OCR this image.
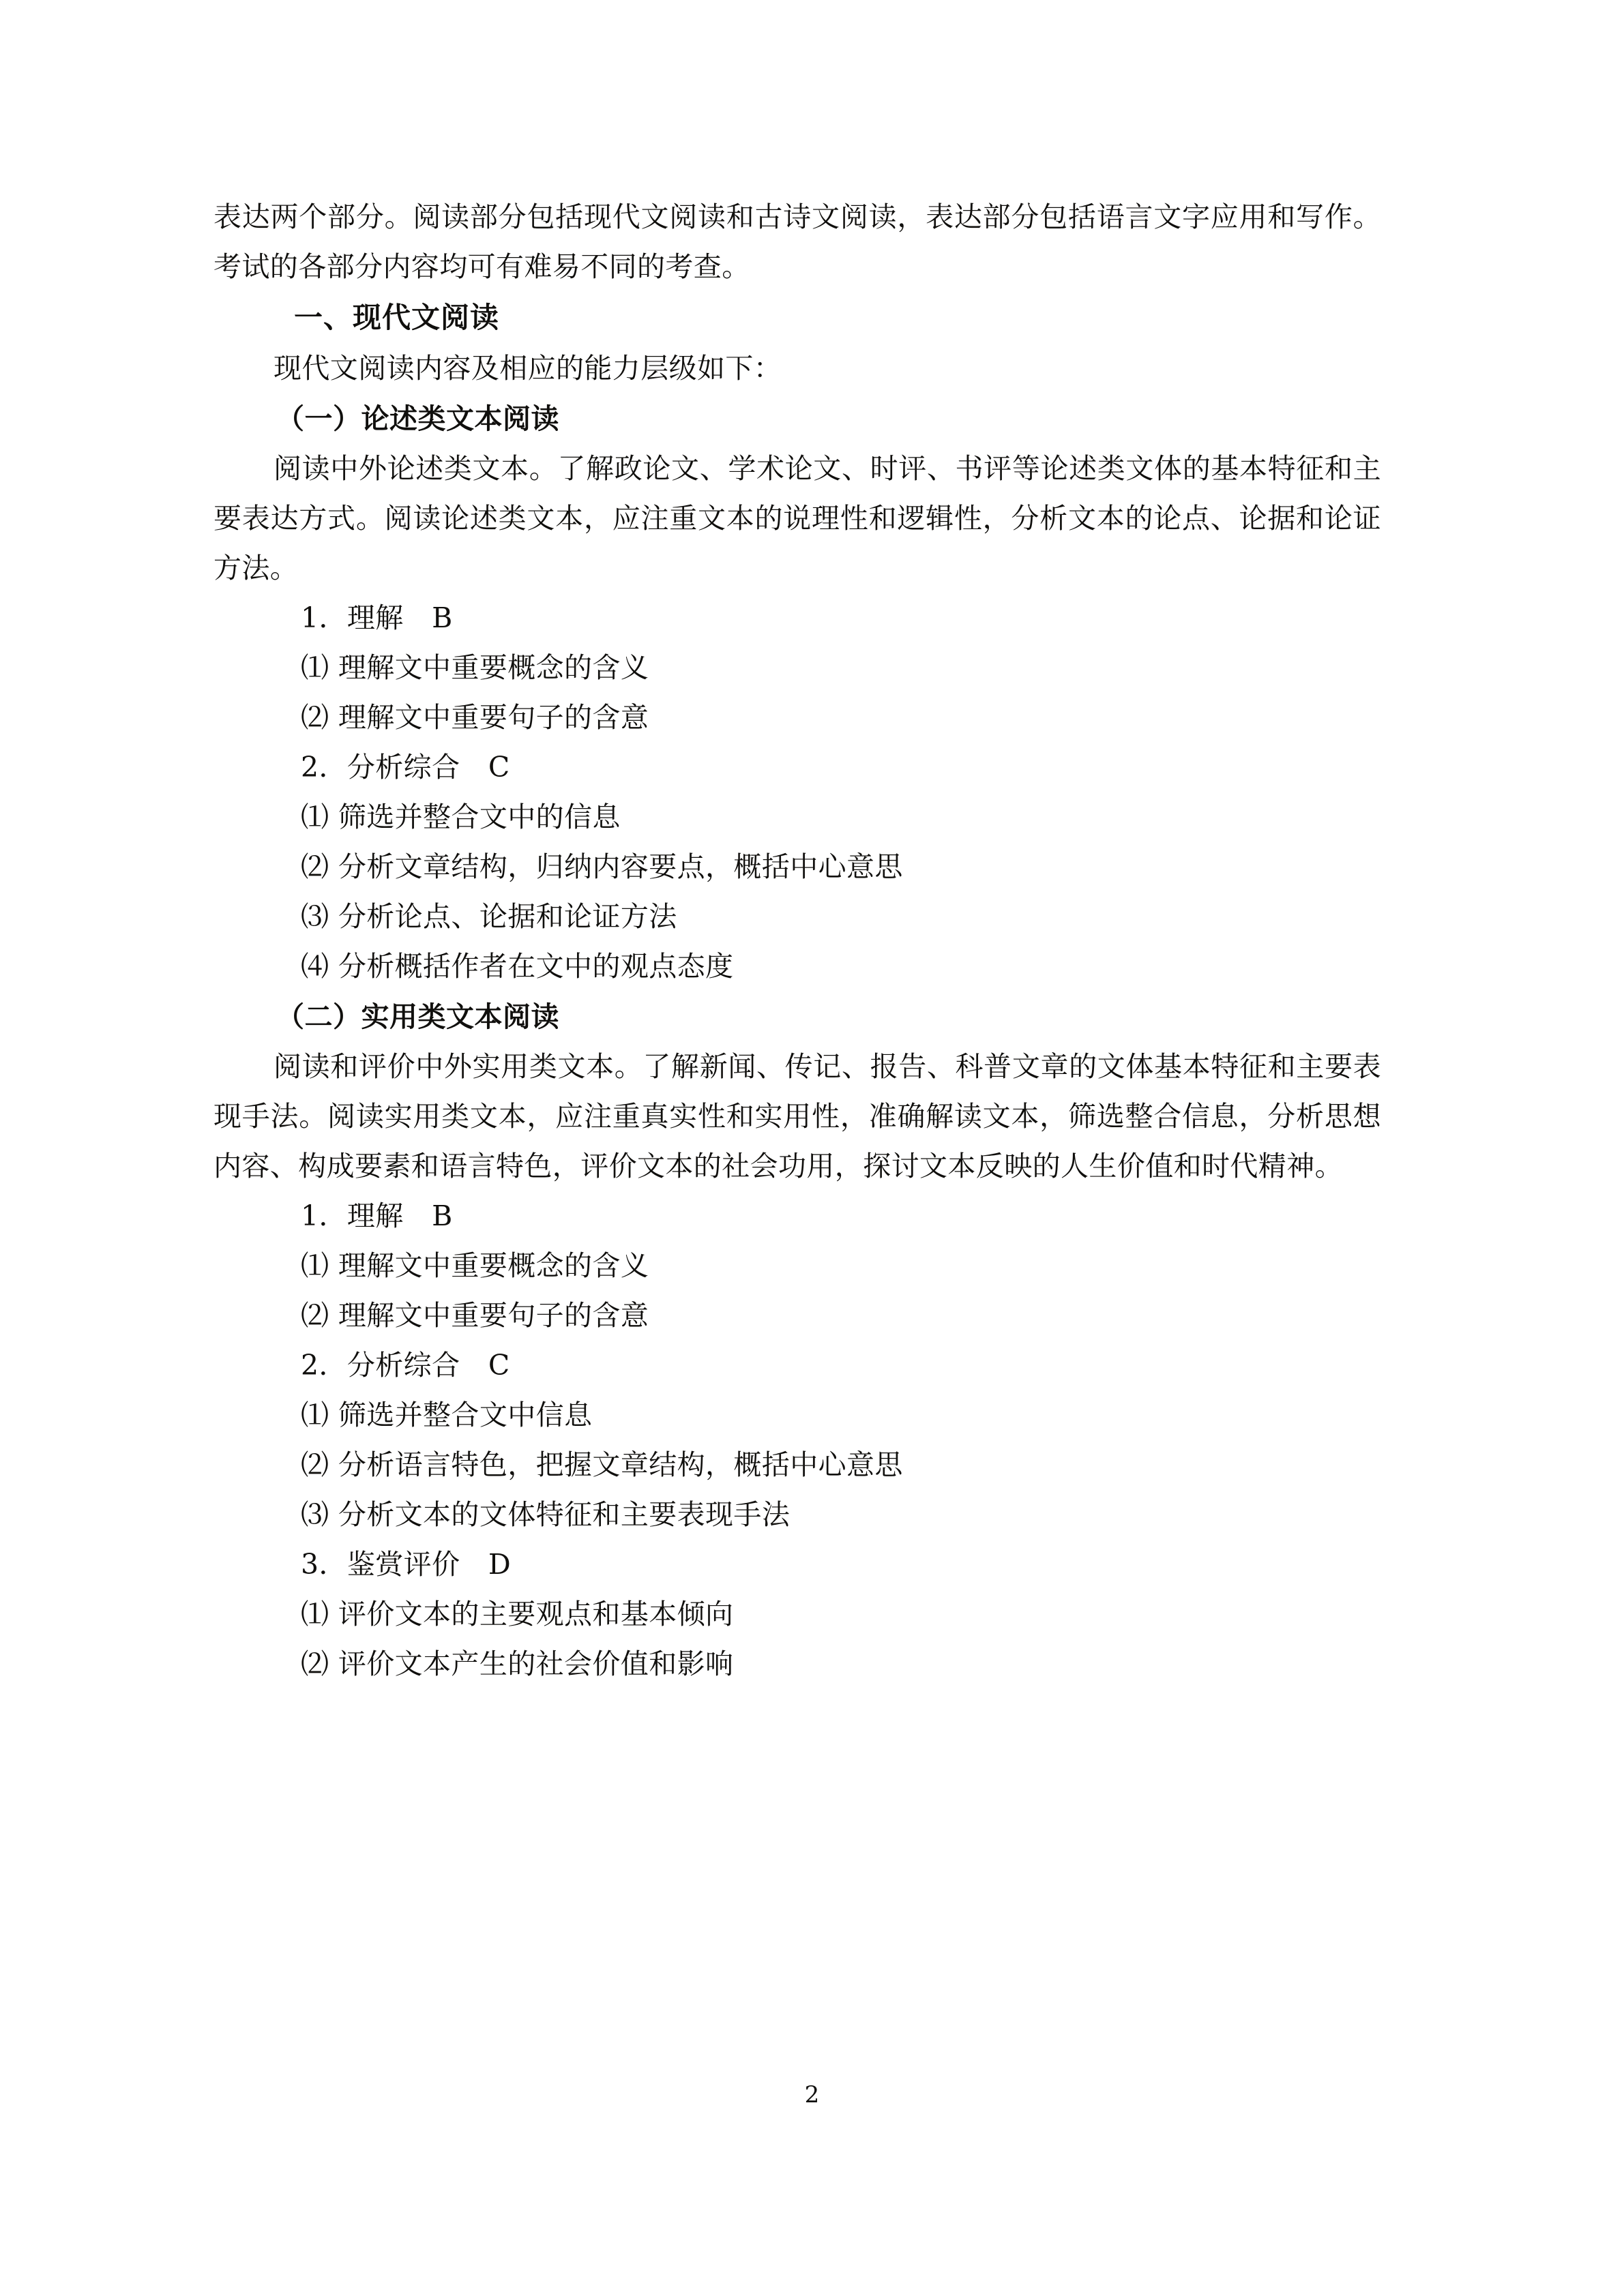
表达两个部分。阅读部分包括现代文阅读和古诗文阅读，表达部分包括语言文字应用和写作。考试的各部分内容均可有难易不同的考查。

一、现代文阅读

现代文阅读内容及相应的能力层级如下：

（一）论述类文本阅读

阅读中外论述类文本。了解政论文、学术论文、时评、书评等论述类文体的基本特征和主要表达方式。阅读论述类文本，应注重文本的说理性和逻辑性，分析文本的论点、论据和论证方法。

1．理解　B

⑴ 理解文中重要概念的含义

⑵ 理解文中重要句子的含意

2．分析综合　C

⑴ 筛选并整合文中的信息

⑵ 分析文章结构，归纳内容要点，概括中心意思

⑶ 分析论点、论据和论证方法

⑷ 分析概括作者在文中的观点态度

（二）实用类文本阅读

阅读和评价中外实用类文本。了解新闻、传记、报告、科普文章的文体基本特征和主要表现手法。阅读实用类文本，应注重真实性和实用性，准确解读文本，筛选整合信息，分析思想内容、构成要素和语言特色，评价文本的社会功用，探讨文本反映的人生价值和时代精神。

1．理解　B

⑴ 理解文中重要概念的含义

⑵ 理解文中重要句子的含意

2．分析综合　C

⑴ 筛选并整合文中信息

⑵ 分析语言特色，把握文章结构，概括中心意思

⑶ 分析文本的文体特征和主要表现手法

3．鉴赏评价　D

⑴ 评价文本的主要观点和基本倾向

⑵ 评价文本产生的社会价值和影响

2
